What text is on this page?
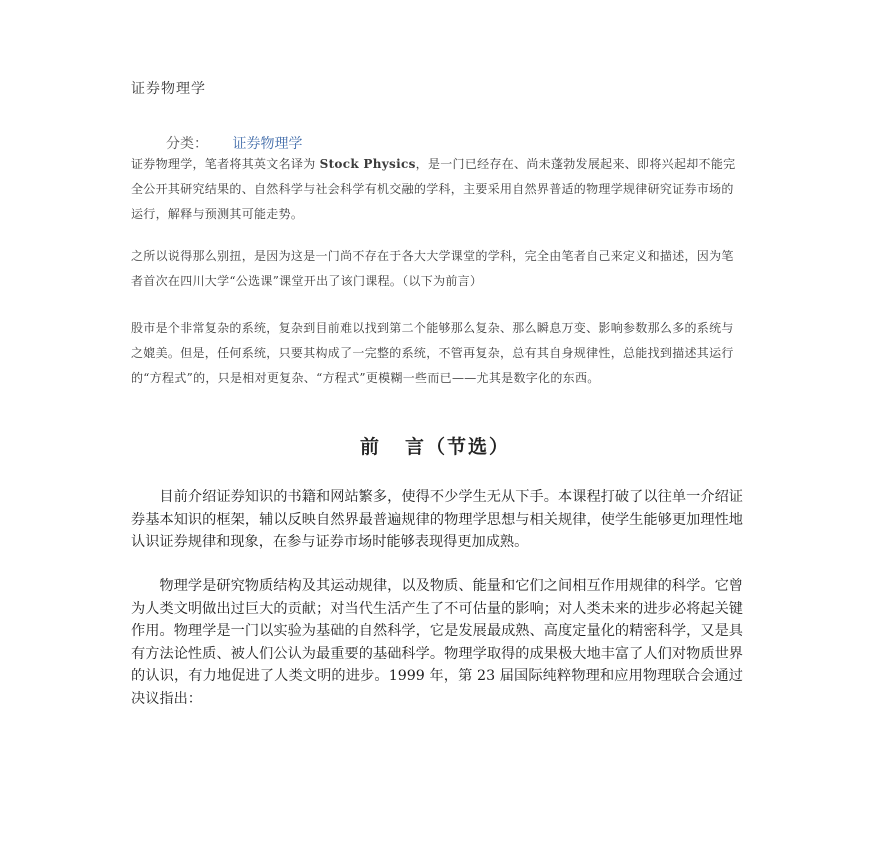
证券物理学
分类： 证券物理学

证券物理学，笔者将其英文名译为 Stock Physics，是一门已经存在、尚未蓬勃发展起来、即将兴起却不能完全公开其研究结果的、自然科学与社会科学有机交融的学科，主要采用自然界普适的物理学规律研究证券市场的运行，解释与预测其可能走势。

之所以说得那么别扭，是因为这是一门尚不存在于各大大学课堂的学科，完全由笔者自己来定义和描述，因为笔者首次在四川大学“公选课”课堂开出了该门课程。（以下为前言）

股市是个非常复杂的系统，复杂到目前难以找到第二个能够那么复杂、那么瞬息万变、影响参数那么多的系统与之媲美。但是，任何系统，只要其构成了一完整的系统，不管再复杂，总有其自身规律性，总能找到描述其运行的“方程式”的，只是相对更复杂、“方程式”更模糊一些而已——尤其是数字化的东西。

前 言（节选）

目前介绍证券知识的书籍和网站繁多，使得不少学生无从下手。本课程打破了以往单一介绍证券基本知识的框架，辅以反映自然界最普遍规律的物理学思想与相关规律，使学生能够更加理性地认识证券规律和现象，在参与证券市场时能够表现得更加成熟。

物理学是研究物质结构及其运动规律，以及物质、能量和它们之间相互作用规律的科学。它曾为人类文明做出过巨大的贡献；对当代生活产生了不可估量的影响；对人类未来的进步必将起关键作用。物理学是一门以实验为基础的自然科学，它是发展最成熟、高度定量化的精密科学，又是具有方法论性质、被人们公认为最重要的基础科学。物理学取得的成果极大地丰富了人们对物质世界的认识，有力地促进了人类文明的进步。1999 年，第 23 届国际纯粹物理和应用物理联合会通过决议指出：
